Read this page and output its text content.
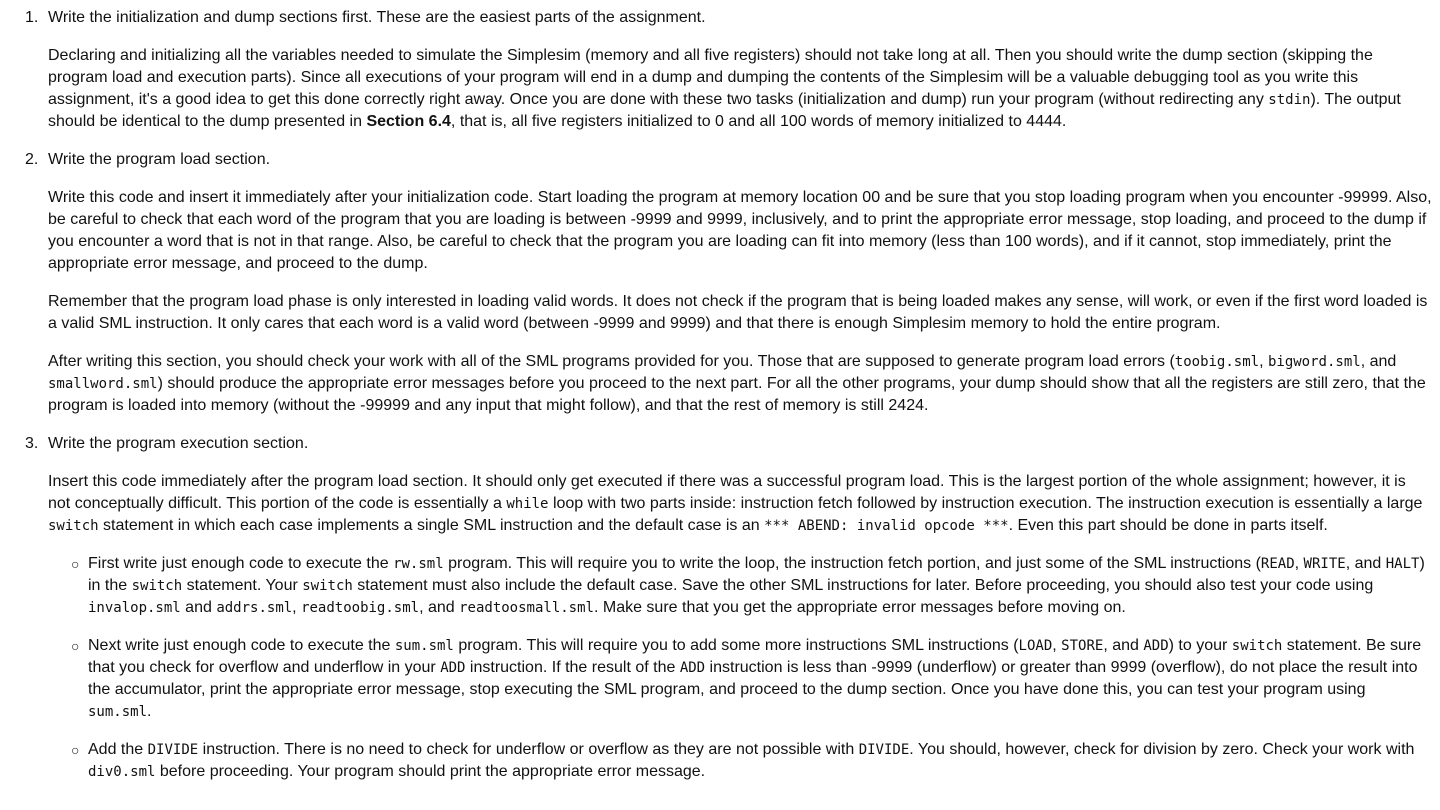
1. Write the initialization and dump sections first. These are the easiest parts of the assignment.

Declaring and initializing all the variables needed to simulate the Simplesim (memory and all five registers) should not take long at all. Then you should write the dump section (skipping the program load and execution parts). Since all executions of your program will end in a dump and dumping the contents of the Simplesim will be a valuable debugging tool as you write this assignment, it's a good idea to get this done correctly right away. Once you are done with these two tasks (initialization and dump) run your program (without redirecting any stdin). The output should be identical to the dump presented in Section 6.4, that is, all five registers initialized to 0 and all 100 words of memory initialized to 4444.

2. Write the program load section.

Write this code and insert it immediately after your initialization code. Start loading the program at memory location 00 and be sure that you stop loading program when you encounter -99999. Also, be careful to check that each word of the program that you are loading is between -9999 and 9999, inclusively, and to print the appropriate error message, stop loading, and proceed to the dump if you encounter a word that is not in that range. Also, be careful to check that the program you are loading can fit into memory (less than 100 words), and if it cannot, stop immediately, print the appropriate error message, and proceed to the dump.

Remember that the program load phase is only interested in loading valid words. It does not check if the program that is being loaded makes any sense, will work, or even if the first word loaded is a valid SML instruction. It only cares that each word is a valid word (between -9999 and 9999) and that there is enough Simplesim memory to hold the entire program.

After writing this section, you should check your work with all of the SML programs provided for you. Those that are supposed to generate program load errors (toobig.sml, bigword.sml, and smallword.sml) should produce the appropriate error messages before you proceed to the next part. For all the other programs, your dump should show that all the registers are still zero, that the program is loaded into memory (without the -99999 and any input that might follow), and that the rest of memory is still 2424.

3. Write the program execution section.

Insert this code immediately after the program load section. It should only get executed if there was a successful program load. This is the largest portion of the whole assignment; however, it is not conceptually difficult. This portion of the code is essentially a while loop with two parts inside: instruction fetch followed by instruction execution. The instruction execution is essentially a large switch statement in which each case implements a single SML instruction and the default case is an *** ABEND: invalid opcode ***. Even this part should be done in parts itself.

○ First write just enough code to execute the rw.sml program. This will require you to write the loop, the instruction fetch portion, and just some of the SML instructions (READ, WRITE, and HALT) in the switch statement. Your switch statement must also include the default case. Save the other SML instructions for later. Before proceeding, you should also test your code using invalop.sml and addrs.sml, readtoobig.sml, and readtoosmall.sml. Make sure that you get the appropriate error messages before moving on.
○ Next write just enough code to execute the sum.sml program. This will require you to add some more instructions SML instructions (LOAD, STORE, and ADD) to your switch statement. Be sure that you check for overflow and underflow in your ADD instruction. If the result of the ADD instruction is less than -9999 (underflow) or greater than 9999 (overflow), do not place the result into the accumulator, print the appropriate error message, stop executing the SML program, and proceed to the dump section. Once you have done this, you can test your program using sum.sml.
○ Add the DIVIDE instruction. There is no need to check for underflow or overflow as they are not possible with DIVIDE. You should, however, check for division by zero. Check your work with div0.sml before proceeding. Your program should print the appropriate error message.
